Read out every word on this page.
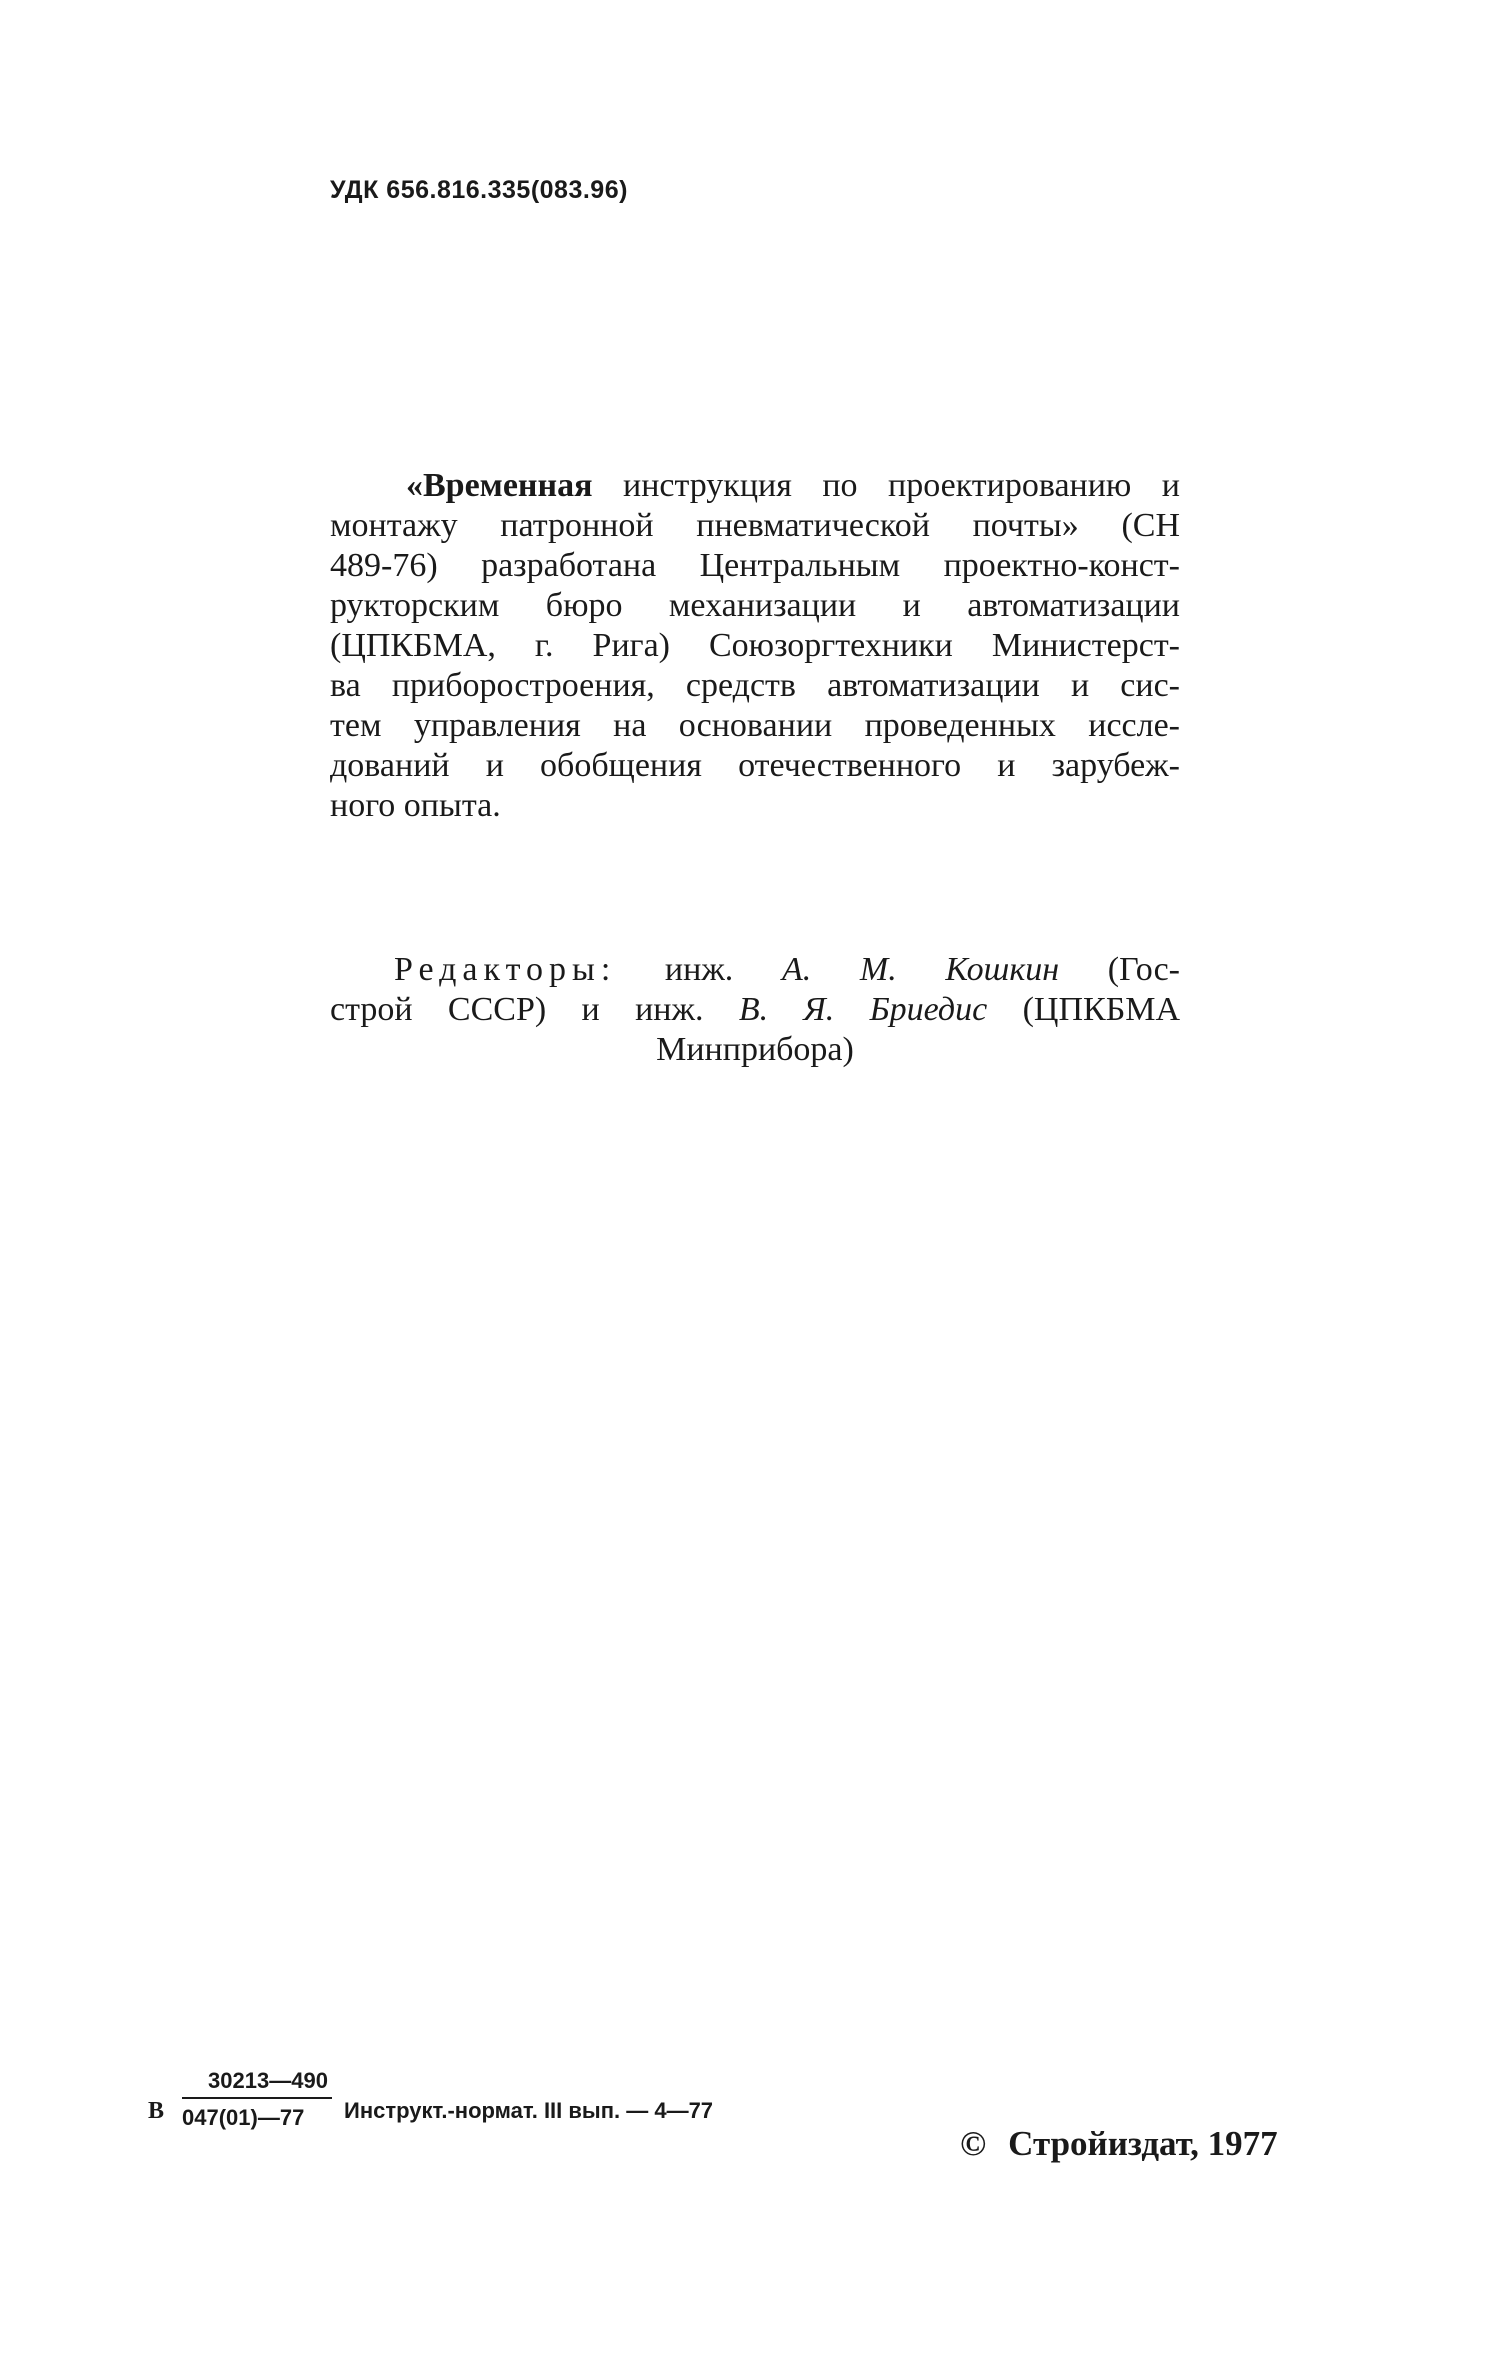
УДК 656.816.335(083.96)
«Временная инструкция по проектированию и
монтажу патронной пневматической почты» (СН
489-76) разработана Центральным проектно-конст-
рукторским бюро механизации и автоматизации
(ЦПКБМА, г. Рига) Союзоргтехники Министерст-
ва приборостроения, средств автоматизации и сис-
тем управления на основании проведенных иссле-
дований и обобщения отечественного и зарубеж-
ного опыта.
Редакторы: инж. А. М. Кошкин (Гос-
строй СССР) и инж. В. Я. Бриедис (ЦПКБМА
Минприбора)
В $\frac{30213—490}{047(01)—77}$ Инструкт.-нормат. III вып. — 4—77
© Стройиздат, 1977
